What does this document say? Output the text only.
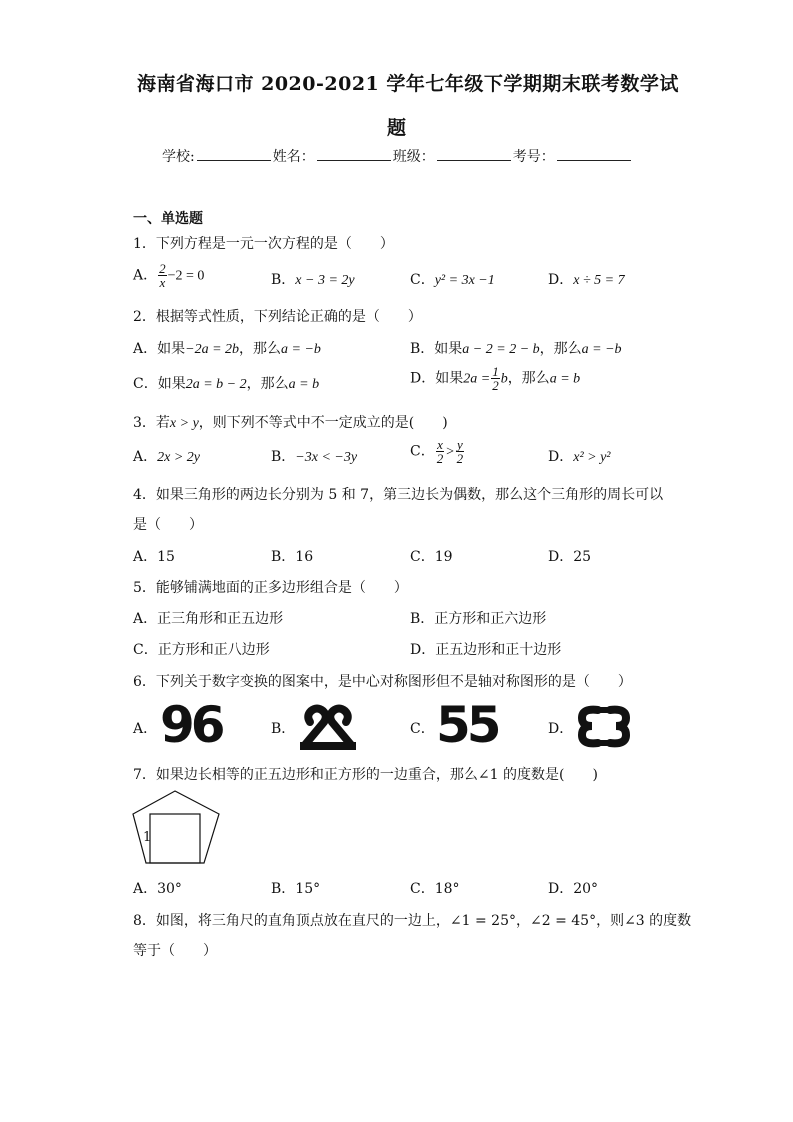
海南省海口市 2020-2021 学年七年级下学期期末联考数学试
题
学校:	姓名：	班级：	考号：
一、单选题
1．下列方程是一元一次方程的是（　　）
A． $\frac{2}{x} -2 = 0$	B．x − 3 = 2y	C．y² = 3x −1	D．x ÷ 5 = 7
2．根据等式性质，下列结论正确的是（　　）
A．如果−2a = 2b，那么a = −b	B．如果a − 2 = 2 − b，那么a = −b
C．如果2a = b − 2，那么a = b	D．如果$2a = \frac{1}{2}$ b，那么a = b
3．若x > y，则下列不等式中不一定成立的是(　　)
A．2x > 2y	B．−3x < −3y	C． $\frac{x}{2} > \frac{y}{2}$	D．x² > y²
4．如果三角形的两边长分别为 5 和 7，第三边长为偶数，那么这个三角形的周长可以
是（　　）
A．15	B．16	C．19	D．25
5．能够铺满地面的正多边形组合是（　　）
A．正三角形和正五边形	B．正方形和正六边形
C．正方形和正八边形	D．正五边形和正十边形
6．下列关于数字变换的图案中，是中心对称图形但不是轴对称图形的是（　　）
A． 96	B．	C． 55	D．
7．如果边长相等的正五边形和正方形的一边重合，那么∠1 的度数是(　　)
1
A．30°	B．15°	C．18°	D．20°
8．如图，将三角尺的直角顶点放在直尺的一边上，∠1 = 25°，∠2 = 45°，则∠3 的度数
等于（　　）
